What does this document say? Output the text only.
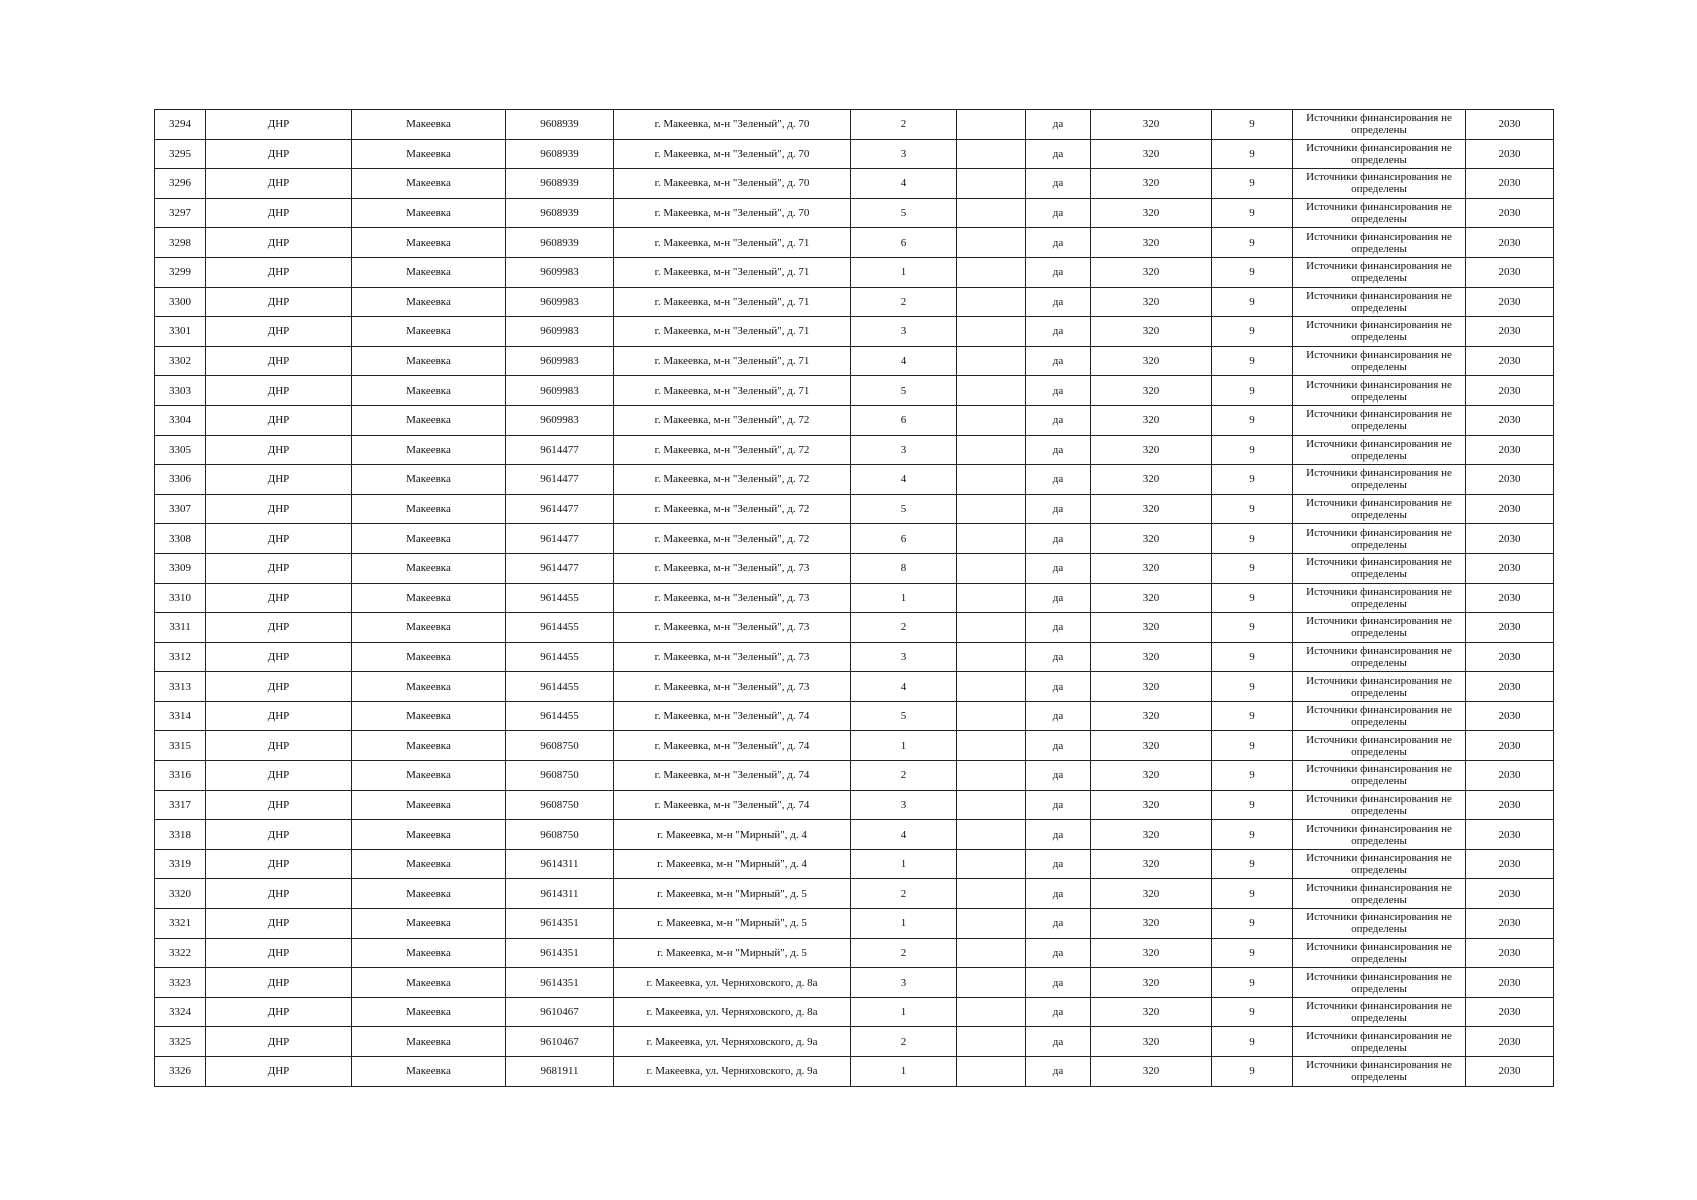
3294	ДНР	Макеевка	9608939	г. Макеевка, м-н "Зеленый", д. 70	2		да	320	9	Источники финансирования не определены	2030
3295	ДНР	Макеевка	9608939	г. Макеевка, м-н "Зеленый", д. 70	3		да	320	9	Источники финансирования не определены	2030
3296	ДНР	Макеевка	9608939	г. Макеевка, м-н "Зеленый", д. 70	4		да	320	9	Источники финансирования не определены	2030
3297	ДНР	Макеевка	9608939	г. Макеевка, м-н "Зеленый", д. 70	5		да	320	9	Источники финансирования не определены	2030
3298	ДНР	Макеевка	9608939	г. Макеевка, м-н "Зеленый", д. 71	6		да	320	9	Источники финансирования не определены	2030
3299	ДНР	Макеевка	9609983	г. Макеевка, м-н "Зеленый", д. 71	1		да	320	9	Источники финансирования не определены	2030
3300	ДНР	Макеевка	9609983	г. Макеевка, м-н "Зеленый", д. 71	2		да	320	9	Источники финансирования не определены	2030
3301	ДНР	Макеевка	9609983	г. Макеевка, м-н "Зеленый", д. 71	3		да	320	9	Источники финансирования не определены	2030
3302	ДНР	Макеевка	9609983	г. Макеевка, м-н "Зеленый", д. 71	4		да	320	9	Источники финансирования не определены	2030
3303	ДНР	Макеевка	9609983	г. Макеевка, м-н "Зеленый", д. 71	5		да	320	9	Источники финансирования не определены	2030
3304	ДНР	Макеевка	9609983	г. Макеевка, м-н "Зеленый", д. 72	6		да	320	9	Источники финансирования не определены	2030
3305	ДНР	Макеевка	9614477	г. Макеевка, м-н "Зеленый", д. 72	3		да	320	9	Источники финансирования не определены	2030
3306	ДНР	Макеевка	9614477	г. Макеевка, м-н "Зеленый", д. 72	4		да	320	9	Источники финансирования не определены	2030
3307	ДНР	Макеевка	9614477	г. Макеевка, м-н "Зеленый", д. 72	5		да	320	9	Источники финансирования не определены	2030
3308	ДНР	Макеевка	9614477	г. Макеевка, м-н "Зеленый", д. 72	6		да	320	9	Источники финансирования не определены	2030
3309	ДНР	Макеевка	9614477	г. Макеевка, м-н "Зеленый", д. 73	8		да	320	9	Источники финансирования не определены	2030
3310	ДНР	Макеевка	9614455	г. Макеевка, м-н "Зеленый", д. 73	1		да	320	9	Источники финансирования не определены	2030
3311	ДНР	Макеевка	9614455	г. Макеевка, м-н "Зеленый", д. 73	2		да	320	9	Источники финансирования не определены	2030
3312	ДНР	Макеевка	9614455	г. Макеевка, м-н "Зеленый", д. 73	3		да	320	9	Источники финансирования не определены	2030
3313	ДНР	Макеевка	9614455	г. Макеевка, м-н "Зеленый", д. 73	4		да	320	9	Источники финансирования не определены	2030
3314	ДНР	Макеевка	9614455	г. Макеевка, м-н "Зеленый", д. 74	5		да	320	9	Источники финансирования не определены	2030
3315	ДНР	Макеевка	9608750	г. Макеевка, м-н "Зеленый", д. 74	1		да	320	9	Источники финансирования не определены	2030
3316	ДНР	Макеевка	9608750	г. Макеевка, м-н "Зеленый", д. 74	2		да	320	9	Источники финансирования не определены	2030
3317	ДНР	Макеевка	9608750	г. Макеевка, м-н "Зеленый", д. 74	3		да	320	9	Источники финансирования не определены	2030
3318	ДНР	Макеевка	9608750	г. Макеевка, м-н "Мирный", д. 4	4		да	320	9	Источники финансирования не определены	2030
3319	ДНР	Макеевка	9614311	г. Макеевка, м-н "Мирный", д. 4	1		да	320	9	Источники финансирования не определены	2030
3320	ДНР	Макеевка	9614311	г. Макеевка, м-н "Мирный", д. 5	2		да	320	9	Источники финансирования не определены	2030
3321	ДНР	Макеевка	9614351	г. Макеевка, м-н "Мирный", д. 5	1		да	320	9	Источники финансирования не определены	2030
3322	ДНР	Макеевка	9614351	г. Макеевка, м-н "Мирный", д. 5	2		да	320	9	Источники финансирования не определены	2030
3323	ДНР	Макеевка	9614351	г. Макеевка, ул. Черняховского, д. 8а	3		да	320	9	Источники финансирования не определены	2030
3324	ДНР	Макеевка	9610467	г. Макеевка, ул. Черняховского, д. 8а	1		да	320	9	Источники финансирования не определены	2030
3325	ДНР	Макеевка	9610467	г. Макеевка, ул. Черняховского, д. 9а	2		да	320	9	Источники финансирования не определены	2030
3326	ДНР	Макеевка	9681911	г. Макеевка, ул. Черняховского, д. 9а	1		да	320	9	Источники финансирования не определены	2030
